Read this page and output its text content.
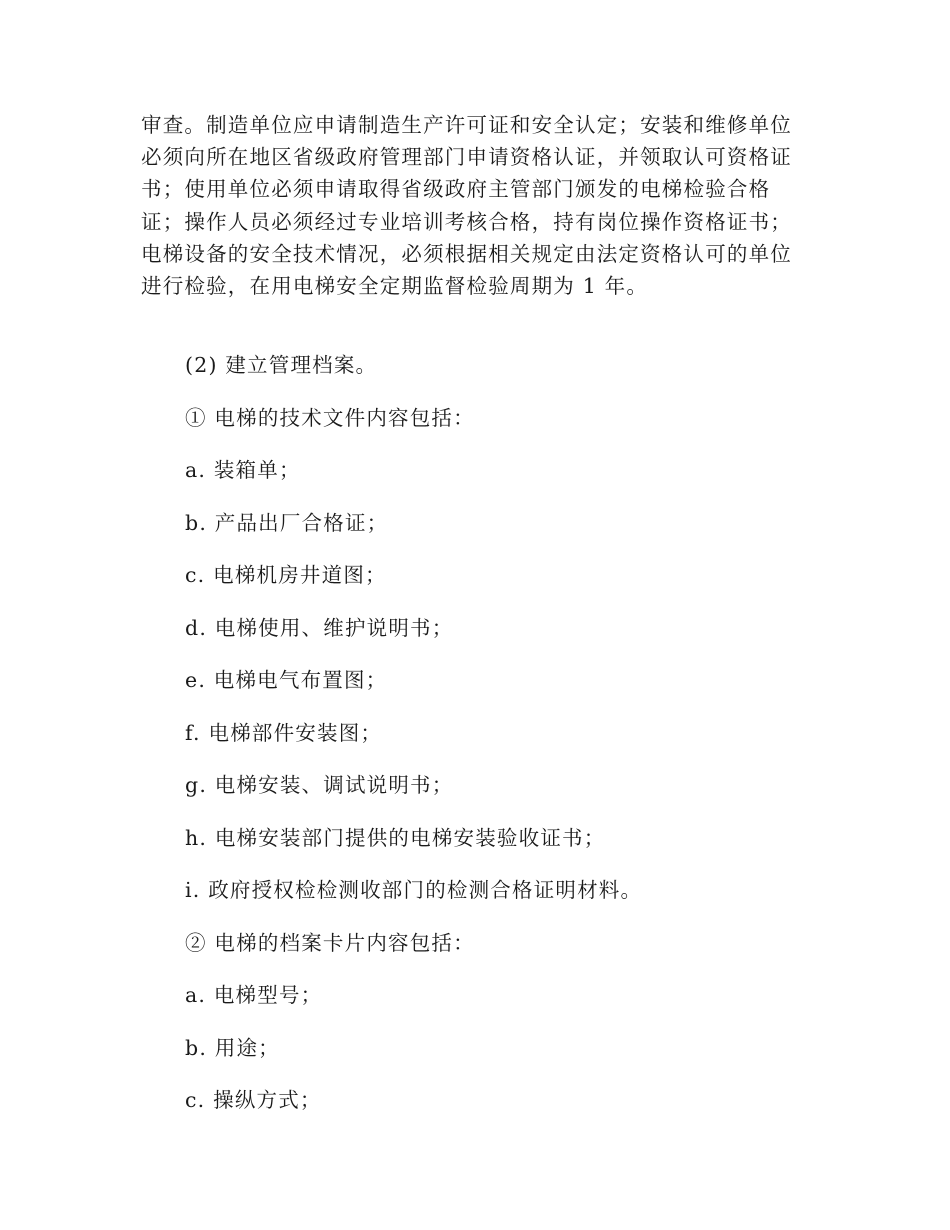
审查。制造单位应申请制造生产许可证和安全认定；安装和维修单位
必须向所在地区省级政府管理部门申请资格认证，并领取认可资格证
书；使用单位必须申请取得省级政府主管部门颁发的电梯检验合格
证；操作人员必须经过专业培训考核合格，持有岗位操作资格证书；
电梯设备的安全技术情况，必须根据相关规定由法定资格认可的单位
进行检验，在用电梯安全定期监督检验周期为 1 年。
(2) 建立管理档案。
① 电梯的技术文件内容包括：
a. 装箱单；
b. 产品出厂合格证；
c. 电梯机房井道图；
d. 电梯使用、维护说明书；
e. 电梯电气布置图；
f. 电梯部件安装图；
g. 电梯安装、调试说明书；
h. 电梯安装部门提供的电梯安装验收证书；
i. 政府授权检检测收部门的检测合格证明材料。
② 电梯的档案卡片内容包括：
a. 电梯型号；
b. 用途；
c. 操纵方式；
